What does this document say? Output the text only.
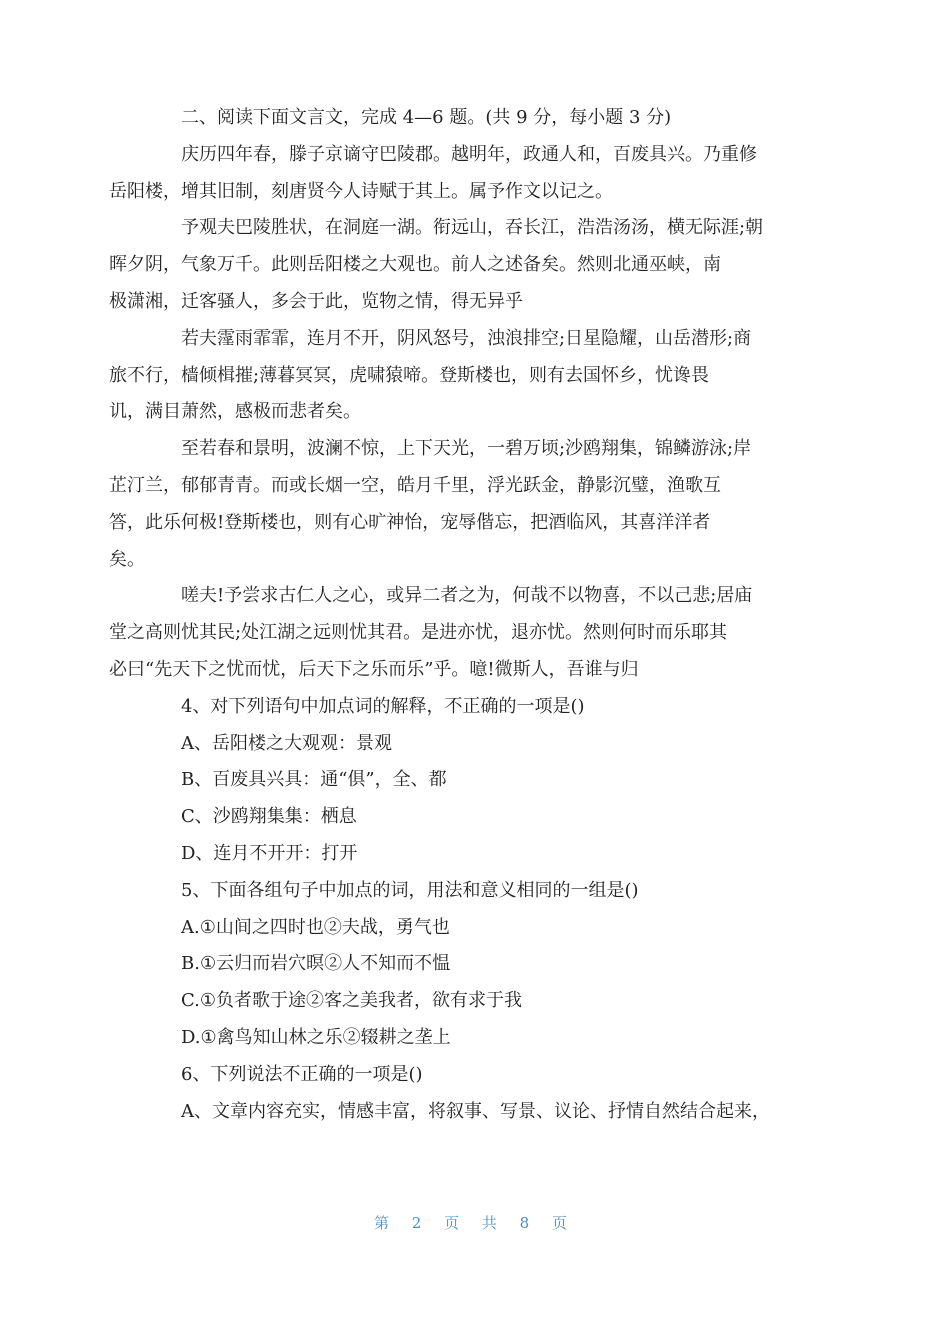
二、阅读下面文言文，完成 4—6 题。(共 9 分，每小题 3 分)
庆历四年春，滕子京谪守巴陵郡。越明年，政通人和，百废具兴。乃重修
岳阳楼，增其旧制，刻唐贤今人诗赋于其上。属予作文以记之。
予观夫巴陵胜状，在洞庭一湖。衔远山，吞长江，浩浩汤汤，横无际涯;朝
晖夕阴，气象万千。此则岳阳楼之大观也。前人之述备矣。然则北通巫峡，南
极潇湘，迁客骚人，多会于此，览物之情，得无异乎
若夫霪雨霏霏，连月不开，阴风怒号，浊浪排空;日星隐耀，山岳潜形;商
旅不行，樯倾楫摧;薄暮冥冥，虎啸猿啼。登斯楼也，则有去国怀乡，忧谗畏
讥，满目萧然，感极而悲者矣。
至若春和景明，波澜不惊，上下天光，一碧万顷;沙鸥翔集，锦鳞游泳;岸
芷汀兰，郁郁青青。而或长烟一空，皓月千里，浮光跃金，静影沉璧，渔歌互
答，此乐何极!登斯楼也，则有心旷神怡，宠辱偕忘，把酒临风，其喜洋洋者
矣。
嗟夫!予尝求古仁人之心，或异二者之为，何哉不以物喜，不以己悲;居庙
堂之高则忧其民;处江湖之远则忧其君。是进亦忧，退亦忧。然则何时而乐耶其
必曰“先天下之忧而忧，后天下之乐而乐”乎。噫!微斯人，吾谁与归
4、对下列语句中加点词的解释，不正确的一项是()
A、岳阳楼之大观观：景观
B、百废具兴具：通“俱”，全、都
C、沙鸥翔集集：栖息
D、连月不开开：打开
5、下面各组句子中加点的词，用法和意义相同的一组是()
A.①山间之四时也②夫战，勇气也
B.①云归而岩穴暝②人不知而不愠
C.①负者歌于途②客之美我者，欲有求于我
D.①禽鸟知山林之乐②辍耕之垄上
6、下列说法不正确的一项是()
A、文章内容充实，情感丰富，将叙事、写景、议论、抒情自然结合起来，
第 2 页 共 8 页
